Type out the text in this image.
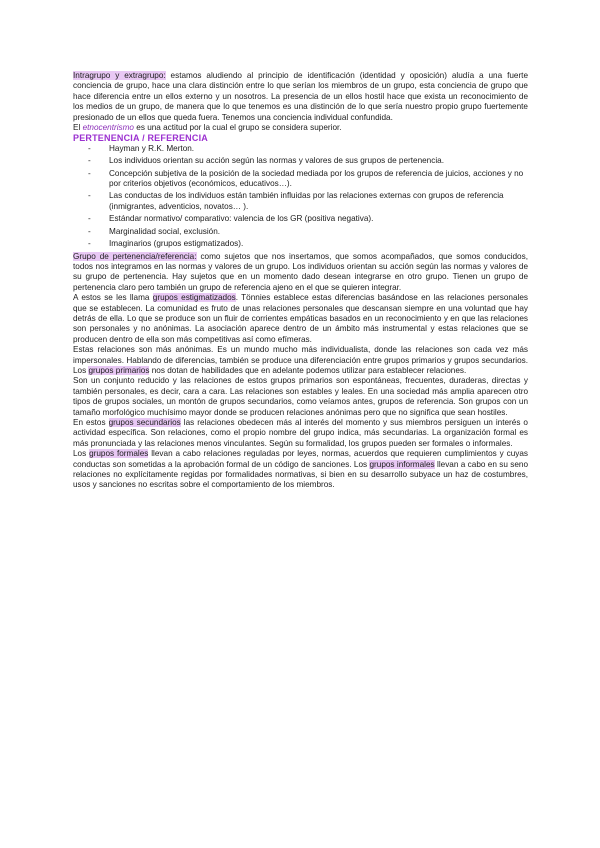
Intragrupo y extragrupo: estamos aludiendo al principio de identificación (identidad y oposición) aludía a una fuerte conciencia de grupo, hace una clara distinción entre lo que serían los miembros de un grupo, esta conciencia de grupo que hace diferencia entre un ellos externo y un nosotros. La presencia de un ellos hostil hace que exista un reconocimiento de los medios de un grupo, de manera que lo que tenemos es una distinción de lo que sería nuestro propio grupo fuertemente presionado de un ellos que queda fuera. Tenemos una conciencia individual confundida.

El etnocentrismo es una actitud por la cual el grupo se considera superior.

PERTENENCIA / REFERENCIA
- Hayman y R.K. Merton.
- Los individuos orientan su acción según las normas y valores de sus grupos de pertenencia.
- Concepción subjetiva de la posición de la sociedad mediada por los grupos de referencia de juicios, acciones y no por criterios objetivos (económicos, educativos…).
- Las conductas de los individuos están también influidas por las relaciones externas con grupos de referencia (inmigrantes, adventicios, novatos… ).
- Estándar normativo/ comparativo: valencia de los GR (positiva negativa).
- Marginalidad social, exclusión.
- Imaginarios (grupos estigmatizados).

Grupo de pertenencia/referencia: como sujetos que nos insertamos, que somos acompañados, que somos conducidos, todos nos integramos en las normas y valores de un grupo. Los individuos orientan su acción según las normas y valores de su grupo de pertenencia. Hay sujetos que en un momento dado desean integrarse en otro grupo. Tienen un grupo de pertenencia claro pero también un grupo de referencia ajeno en el que se quieren integrar.

A estos se les llama grupos estigmatizados. Tönnies establece estas diferencias basándose en las relaciones personales que se establecen. La comunidad es fruto de unas relaciones personales que descansan siempre en una voluntad que hay detrás de ella. Lo que se produce son un fluir de corrientes empáticas basados en un reconocimiento y en que las relaciones son personales y no anónimas. La asociación aparece dentro de un ámbito más instrumental y estas relaciones que se producen dentro de ella son más competitivas así como efímeras.

Estas relaciones son más anónimas. Es un mundo mucho más individualista, donde las relaciones son cada vez más impersonales. Hablando de diferencias, también se produce una diferenciación entre grupos primarios y grupos secundarios. Los grupos primarios nos dotan de habilidades que en adelante podemos utilizar para establecer relaciones.

Son un conjunto reducido y las relaciones de estos grupos primarios son espontáneas, frecuentes, duraderas, directas y también personales, es decir, cara a cara. Las relaciones son estables y leales. En una sociedad más amplia aparecen otro tipos de grupos sociales, un montón de grupos secundarios, como veíamos antes, grupos de referencia. Son grupos con un tamaño morfológico muchísimo mayor donde se producen relaciones anónimas pero que no significa que sean hostiles.

En estos grupos secundarios las relaciones obedecen más al interés del momento y sus miembros persiguen un interés o actividad específica. Son relaciones, como el propio nombre del grupo indica, más secundarias. La organización formal es más pronunciada y las relaciones menos vinculantes. Según su formalidad, los grupos pueden ser formales o informales.

Los grupos formales llevan a cabo relaciones reguladas por leyes, normas, acuerdos que requieren cumplimientos y cuyas conductas son sometidas a la aprobación formal de un código de sanciones. Los grupos informales llevan a cabo en su seno relaciones no explícitamente regidas por formalidades normativas, si bien en su desarrollo subyace un haz de costumbres, usos y sanciones no escritas sobre el comportamiento de los miembros.
